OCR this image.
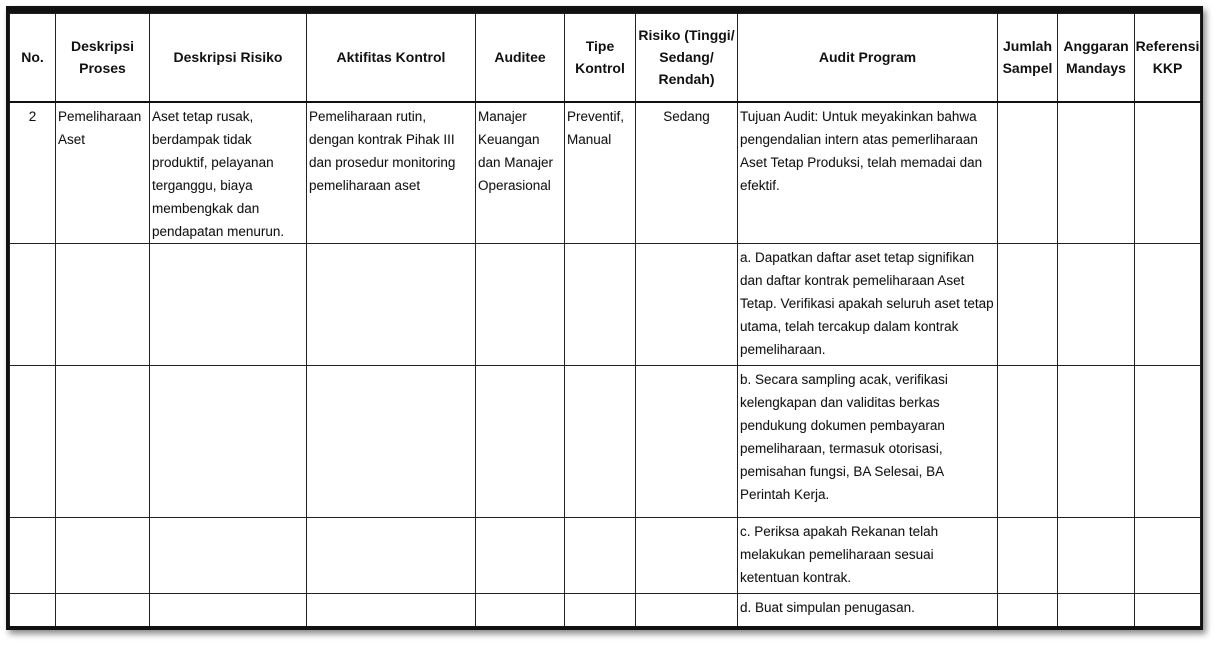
No.	Deskripsi Proses	Deskripsi Risiko	Aktifitas Kontrol	Auditee	Tipe Kontrol	Risiko (Tinggi/ Sedang/ Rendah)	Audit Program	Jumlah Sampel	Anggaran Mandays	Referensi KKP
2	Pemeliharaan Aset	Aset tetap rusak, berdampak tidak produktif, pelayanan terganggu, biaya membengkak dan pendapatan menurun.	Pemeliharaan rutin, dengan kontrak Pihak III dan prosedur monitoring pemeliharaan aset	Manajer Keuangan dan Manajer Operasional	Preventif, Manual	Sedang	Tujuan Audit: Untuk meyakinkan bahwa pengendalian intern atas pemerliharaan Aset Tetap Produksi, telah memadai dan efektif.			
							a. Dapatkan daftar aset tetap signifikan dan daftar kontrak pemeliharaan Aset Tetap. Verifikasi apakah seluruh aset tetap utama, telah tercakup dalam kontrak pemeliharaan.			
							b. Secara sampling acak, verifikasi kelengkapan dan validitas berkas pendukung dokumen pembayaran pemeliharaan, termasuk otorisasi, pemisahan fungsi, BA Selesai, BA Perintah Kerja.			
							c. Periksa apakah Rekanan telah melakukan pemeliharaan sesuai ketentuan kontrak.			
							d. Buat simpulan penugasan.			
